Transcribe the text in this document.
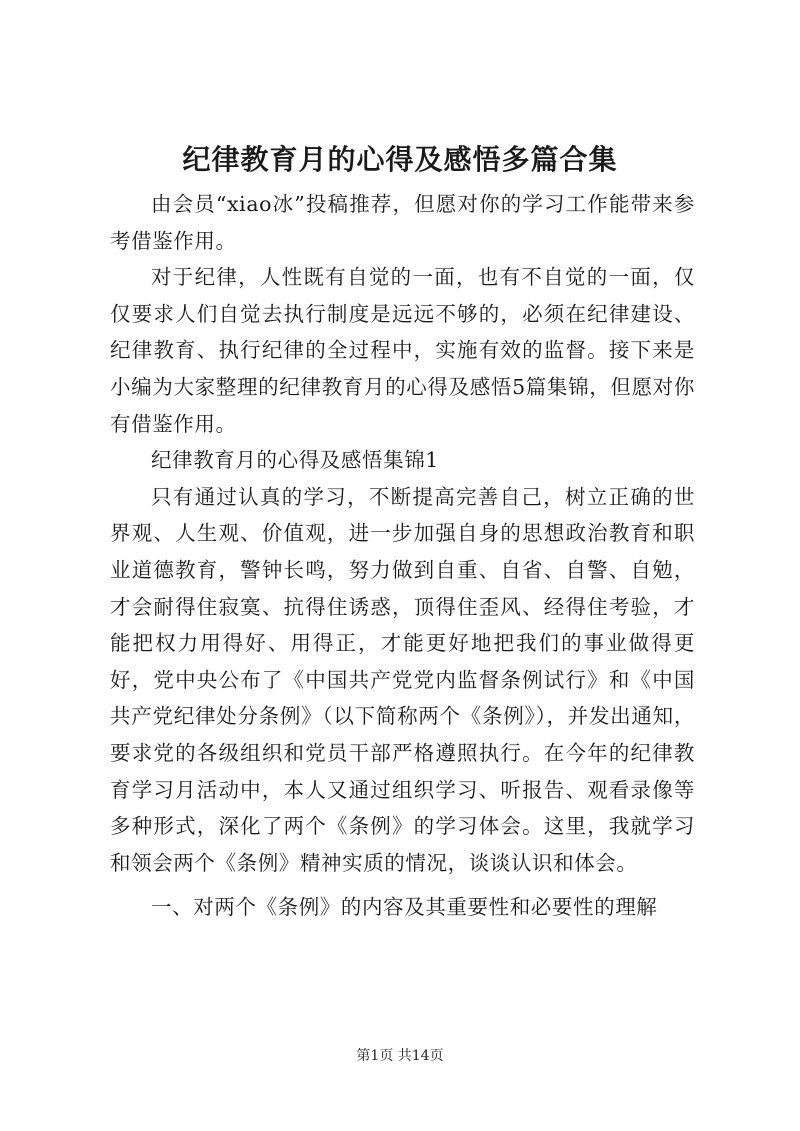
纪律教育月的心得及感悟多篇合集

由会员“xiao冰”投稿推荐，但愿对你的学习工作能带来参考借鉴作用。

对于纪律，人性既有自觉的一面，也有不自觉的一面，仅仅要求人们自觉去执行制度是远远不够的，必须在纪律建设、纪律教育、执行纪律的全过程中，实施有效的监督。接下来是小编为大家整理的纪律教育月的心得及感悟5篇集锦，但愿对你有借鉴作用。

纪律教育月的心得及感悟集锦1

只有通过认真的学习，不断提高完善自己，树立正确的世界观、人生观、价值观，进一步加强自身的思想政治教育和职业道德教育，警钟长鸣，努力做到自重、自省、自警、自勉，才会耐得住寂寞、抗得住诱惑，顶得住歪风、经得住考验，才能把权力用得好、用得正，才能更好地把我们的事业做得更好，党中央公布了《中国共产党党内监督条例试行》和《中国共产党纪律处分条例》（以下简称两个《条例》），并发出通知，要求党的各级组织和党员干部严格遵照执行。在今年的纪律教育学习月活动中，本人又通过组织学习、听报告、观看录像等多种形式，深化了两个《条例》的学习体会。这里，我就学习和领会两个《条例》精神实质的情况，谈谈认识和体会。

一、对两个《条例》的内容及其重要性和必要性的理解

第1页 共14页
